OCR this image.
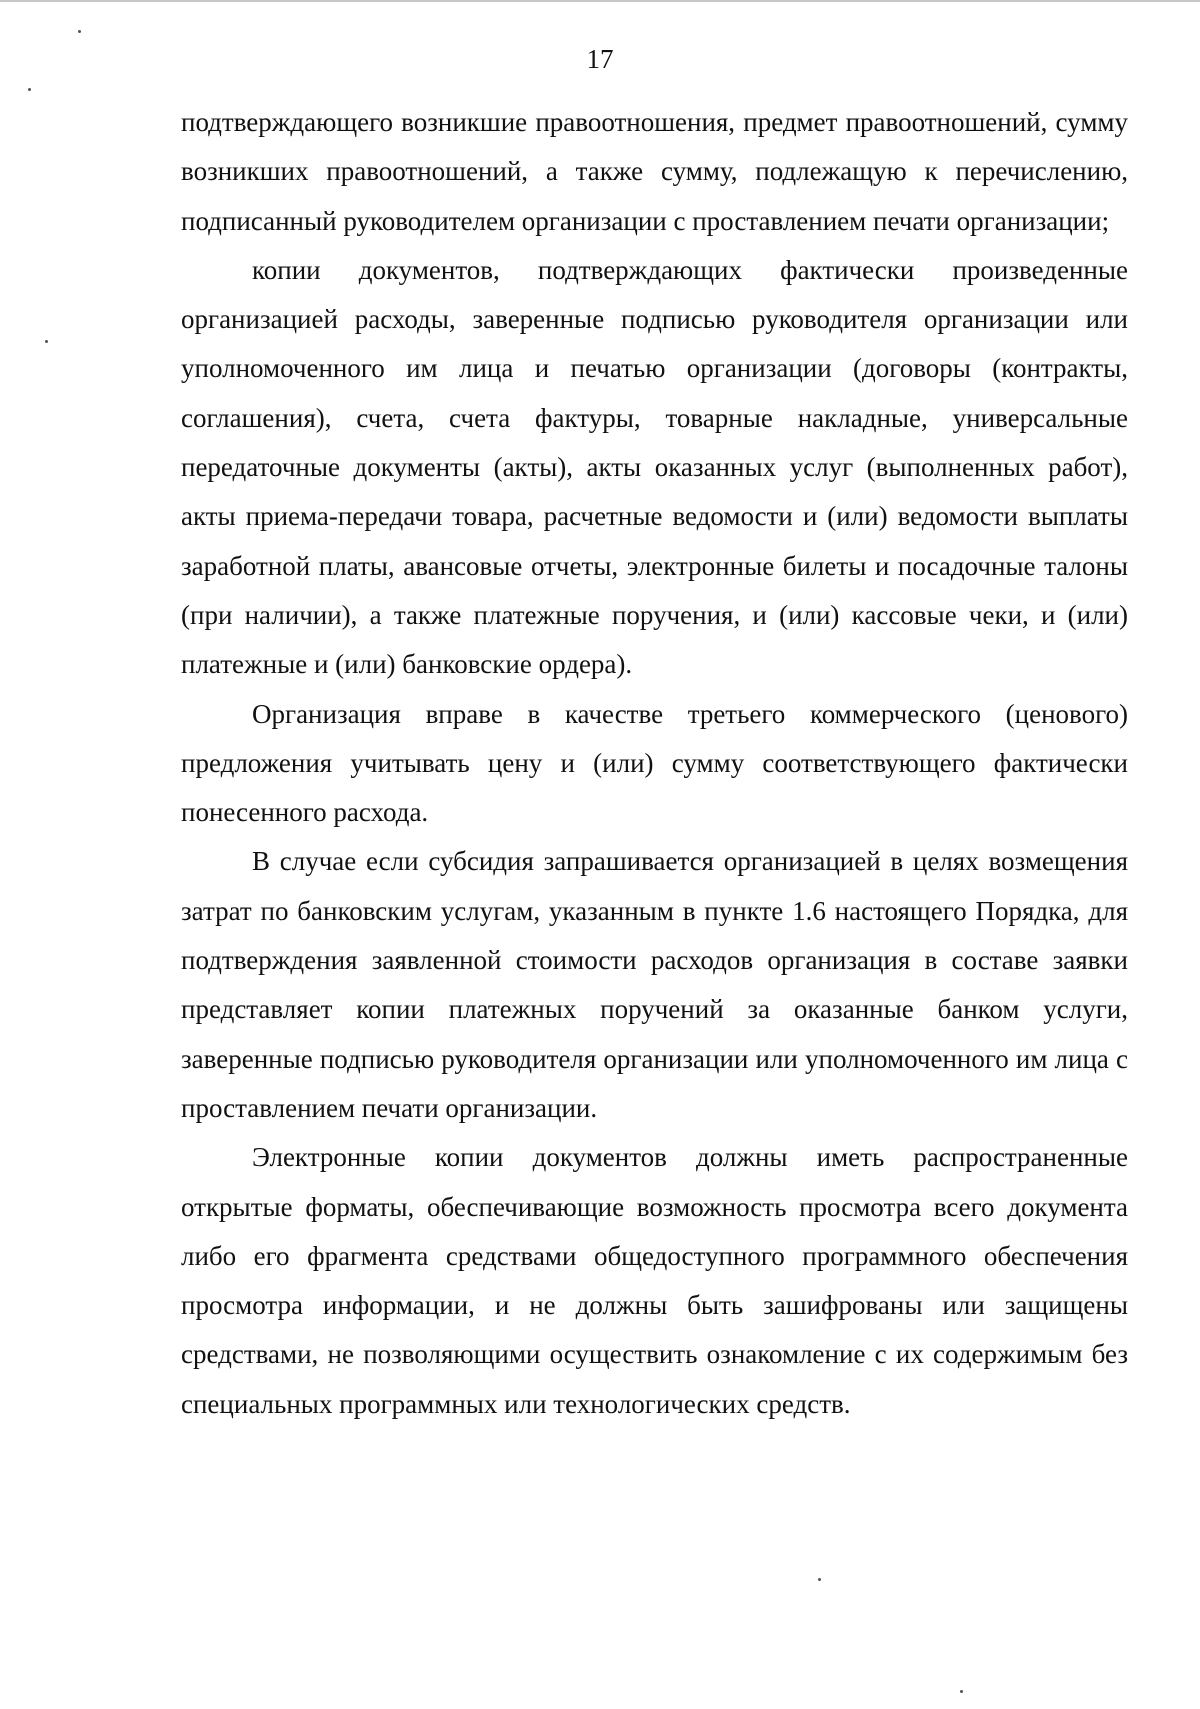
17

подтверждающего возникшие правоотношения, предмет правоотношений, сумму возникших правоотношений, а также сумму, подлежащую к перечислению, подписанный руководителем организации с проставлением печати организации;

копии документов, подтверждающих фактически произведенные организацией расходы, заверенные подписью руководителя организации или уполномоченного им лица и печатью организации (договоры (контракты, соглашения), счета, счета фактуры, товарные накладные, универсальные передаточные документы (акты), акты оказанных услуг (выполненных работ), акты приема-передачи товара, расчетные ведомости и (или) ведомости выплаты заработной платы, авансовые отчеты, электронные билеты и посадочные талоны (при наличии), а также платежные поручения, и (или) кассовые чеки, и (или) платежные и (или) банковские ордера).

Организация вправе в качестве третьего коммерческого (ценового) предложения учитывать цену и (или) сумму соответствующего фактически понесенного расхода.

В случае если субсидия запрашивается организацией в целях возмещения затрат по банковским услугам, указанным в пункте 1.6 настоящего Порядка, для подтверждения заявленной стоимости расходов организация в составе заявки представляет копии платежных поручений за оказанные банком услуги, заверенные подписью руководителя организации или уполномоченного им лица с проставлением печати организации.

Электронные копии документов должны иметь распространенные открытые форматы, обеспечивающие возможность просмотра всего документа либо его фрагмента средствами общедоступного программного обеспечения просмотра информации, и не должны быть зашифрованы или защищены средствами, не позволяющими осуществить ознакомление с их содержимым без специальных программных или технологических средств.
